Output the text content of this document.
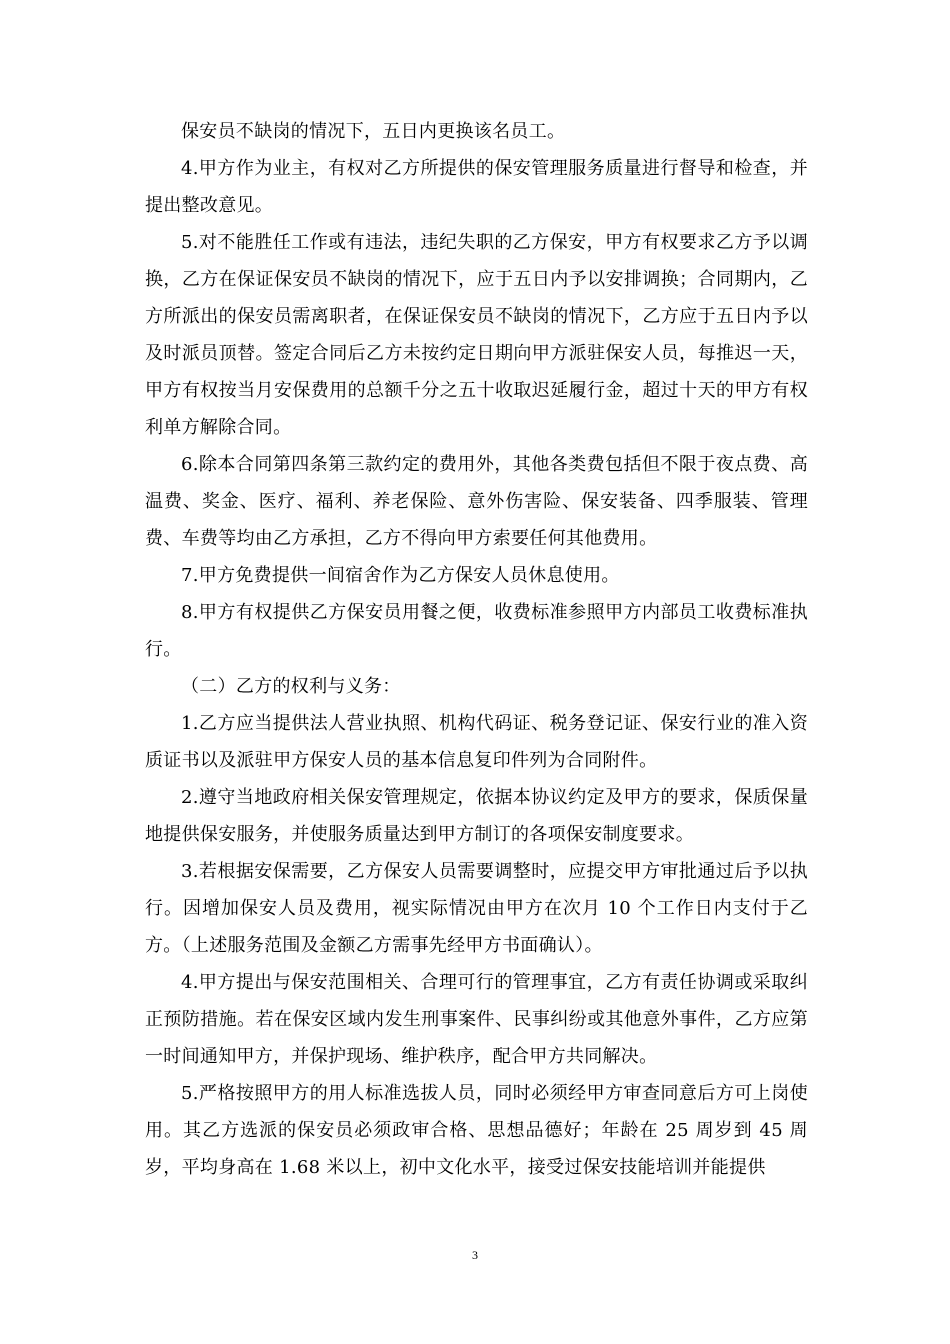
保安员不缺岗的情况下，五日内更换该名员工。

4.甲方作为业主，有权对乙方所提供的保安管理服务质量进行督导和检查，并提出整改意见。

5.对不能胜任工作或有违法，违纪失职的乙方保安，甲方有权要求乙方予以调换，乙方在保证保安员不缺岗的情况下，应于五日内予以安排调换；合同期内，乙方所派出的保安员需离职者，在保证保安员不缺岗的情况下，乙方应于五日内予以及时派员顶替。签定合同后乙方未按约定日期向甲方派驻保安人员，每推迟一天，甲方有权按当月安保费用的总额千分之五十收取迟延履行金，超过十天的甲方有权利单方解除合同。

6.除本合同第四条第三款约定的费用外，其他各类费包括但不限于夜点费、高温费、奖金、医疗、福利、养老保险、意外伤害险、保安装备、四季服装、管理费、车费等均由乙方承担，乙方不得向甲方索要任何其他费用。

7.甲方免费提供一间宿舍作为乙方保安人员休息使用。

8.甲方有权提供乙方保安员用餐之便，收费标准参照甲方内部员工收费标准执行。

（二）乙方的权利与义务：

1.乙方应当提供法人营业执照、机构代码证、税务登记证、保安行业的准入资质证书以及派驻甲方保安人员的基本信息复印件列为合同附件。

2.遵守当地政府相关保安管理规定，依据本协议约定及甲方的要求，保质保量地提供保安服务，并使服务质量达到甲方制订的各项保安制度要求。

3.若根据安保需要，乙方保安人员需要调整时，应提交甲方审批通过后予以执行。因增加保安人员及费用，视实际情况由甲方在次月 10 个工作日内支付于乙方。（上述服务范围及金额乙方需事先经甲方书面确认）。

4.甲方提出与保安范围相关、合理可行的管理事宜，乙方有责任协调或采取纠正预防措施。若在保安区域内发生刑事案件、民事纠纷或其他意外事件，乙方应第一时间通知甲方，并保护现场、维护秩序，配合甲方共同解决。

5.严格按照甲方的用人标准选拔人员，同时必须经甲方审查同意后方可上岗使用。其乙方选派的保安员必须政审合格、思想品德好；年龄在 25 周岁到 45 周岁，平均身高在 1.68 米以上，初中文化水平，接受过保安技能培训并能提供

3
